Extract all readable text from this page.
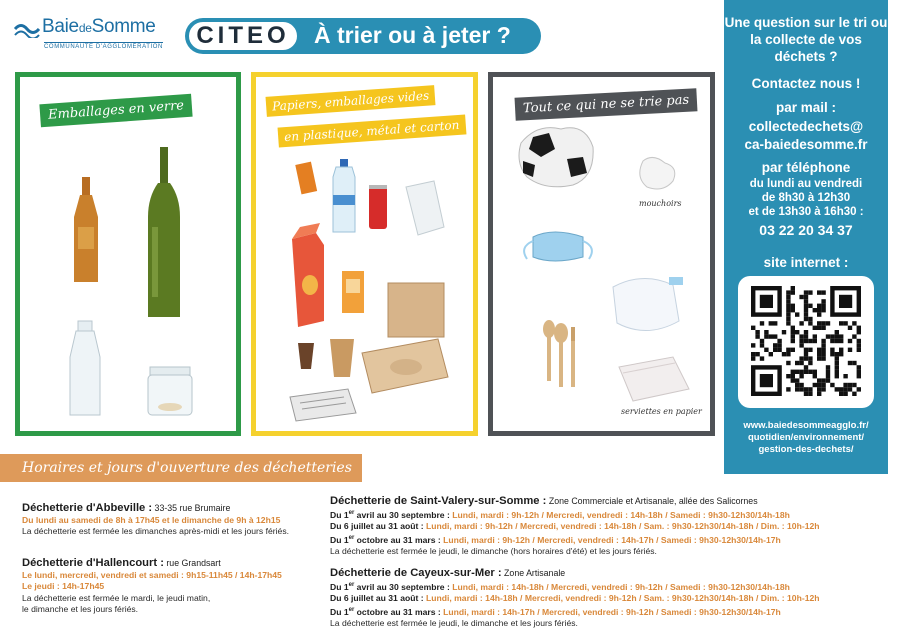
BaiedeSomme
COMMUNAUTÉ D'AGGLOMÉRATION	CITEO	À trier ou à jeter ?
Emballages en verre	Papiers, emballages vides
en plastique, métal et carton
Tout ce qui ne se trie pas
mouchoirs
serviettes en papier
Une question sur le tri ou la collecte de vos déchets ?
Contactez nous !
par mail :
collectedechets@
ca-baiedesomme.fr
par téléphone
du lundi au vendredi
de 8h30 à 12h30
et de 13h30 à 16h30 :
03 22 20 34 37
site internet :
www.baiedesommeagglo.fr/
quotidien/environnement/
gestion-des-dechets/
Horaires et jours d'ouverture des déchetteries
Déchetterie d'Abbeville : 33-35 rue Brumaire
Du lundi au samedi de 8h à 17h45 et le dimanche de 9h à 12h15
La déchetterie est fermée les dimanches après-midi et les jours fériés.
Déchetterie d'Hallencourt : rue Grandsart
Le lundi, mercredi, vendredi et samedi : 9h15-11h45 / 14h-17h45
Le jeudi : 14h-17h45
La déchetterie est fermée le mardi, le jeudi matin,
le dimanche et les jours fériés.
Déchetterie de Saint-Valery-sur-Somme : Zone Commerciale et Artisanale, allée des Salicornes
Du 1er avril au 30 septembre : Lundi, mardi : 9h-12h / Mercredi, vendredi : 14h-18h / Samedi : 9h30-12h30/14h-18h
Du 6 juillet au 31 août : Lundi, mardi : 9h-12h / Mercredi, vendredi : 14h-18h / Sam. : 9h30-12h30/14h-18h / Dim. : 10h-12h
Du 1er octobre au 31 mars : Lundi, mardi : 9h-12h / Mercredi, vendredi : 14h-17h / Samedi : 9h30-12h30/14h-17h
La déchetterie est fermée le jeudi, le dimanche (hors horaires d'été) et les jours fériés.
Déchetterie de Cayeux-sur-Mer : Zone Artisanale
Du 1er avril au 30 septembre : Lundi, mardi : 14h-18h / Mercredi, vendredi : 9h-12h / Samedi : 9h30-12h30/14h-18h
Du 6 juillet au 31 août : Lundi, mardi : 14h-18h / Mercredi, vendredi : 9h-12h / Sam. : 9h30-12h30/14h-18h / Dim. : 10h-12h
Du 1er octobre au 31 mars : Lundi, mardi : 14h-17h / Mercredi, vendredi : 9h-12h / Samedi : 9h30-12h30/14h-17h
La déchetterie est fermée le jeudi, le dimanche et les jours fériés.
